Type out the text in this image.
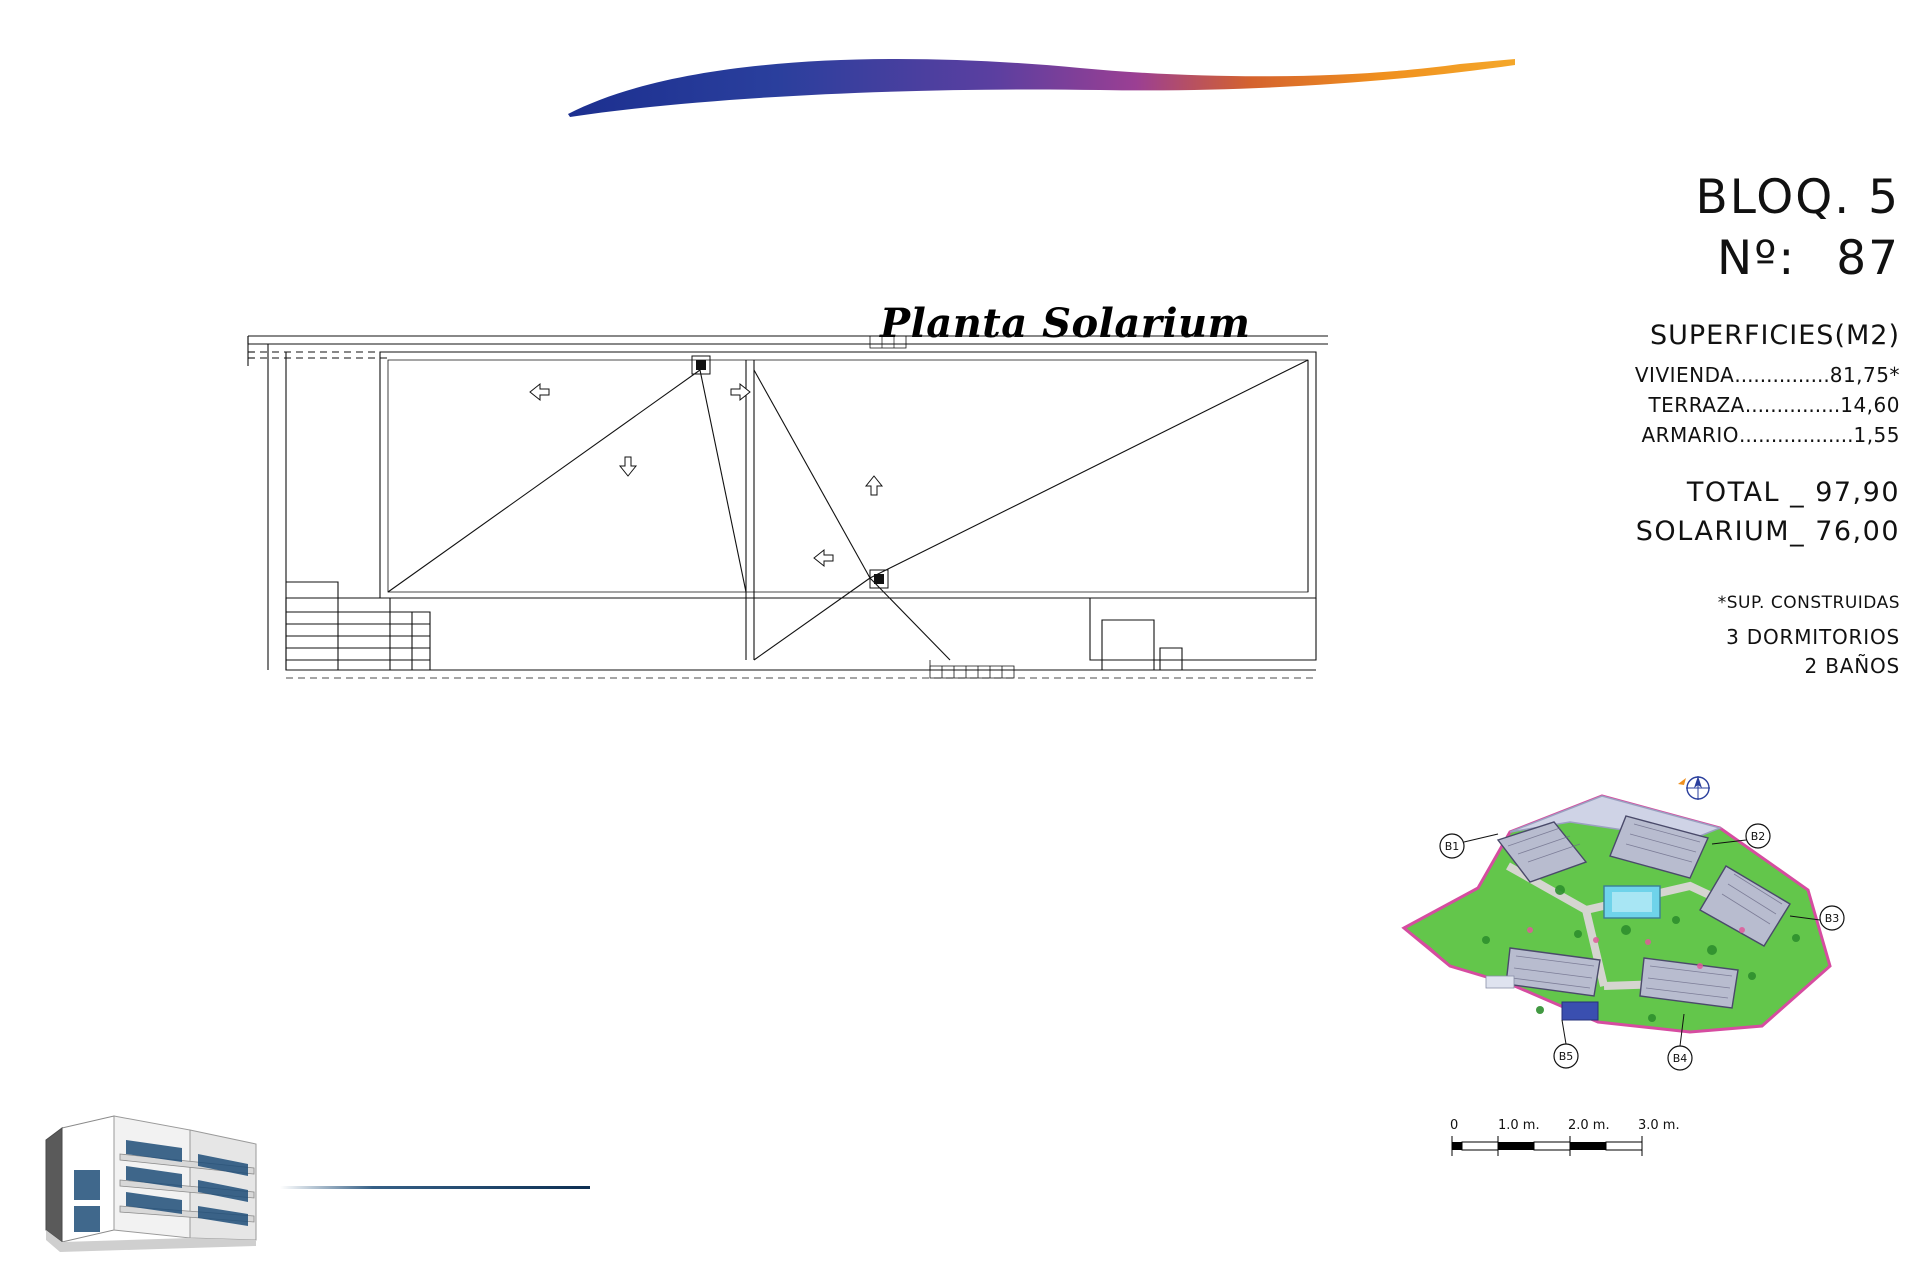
Planta Solarium
BLOQ. 5
Nº: 87
SUPERFICIES(M2)
VIVIENDA...............81,75*
TERRAZA...............14,60
ARMARIO..................1,55
TOTAL _ 97,90
SOLARIUM_ 76,00
*SUP. CONSTRUIDAS
3 DORMITORIOS
2 BAÑOS
B1
B2
B3
B4
B5
0	1.0 m. 2.0 m. 3.0 m.
